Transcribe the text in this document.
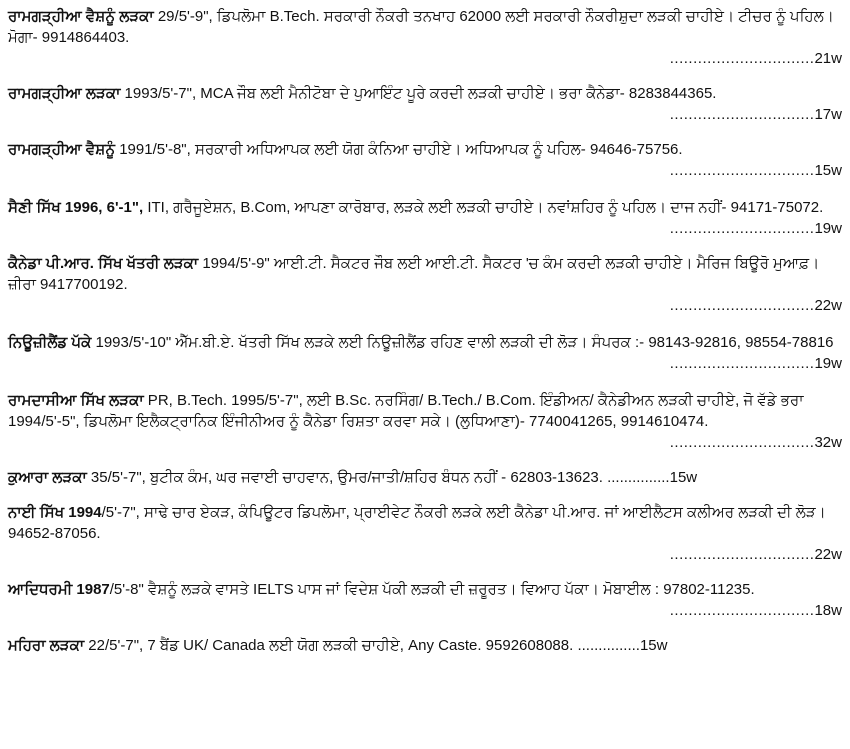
ਰਾਮਗੜ੍ਹੀਆ ਵੈਸ਼ਨੂੰ ਲੜਕਾ 29/5'-9", ਡਿਪਲੋਮਾ B.Tech. ਸਰਕਾਰੀ ਨੌਕਰੀ ਤਨਖਾਹ 62000 ਲਈ ਸਰਕਾਰੀ ਨੌਕਰੀਸ਼ੁਦਾ ਲੜਕੀ ਚਾਹੀਏ। ਟੀਚਰ ਨੂੰ ਪਹਿਲ। ਮੋਗਾ- 9914864403.

............................... 21w

ਰਾਮਗੜ੍ਹੀਆ ਲੜਕਾ 1993/5'-7", MCA ਜੌਬ ਲਈ ਮੈਨੀਟੋਬਾ ਦੇ ਪੁਆਇੰਟ ਪੂਰੇ ਕਰਦੀ ਲੜਕੀ ਚਾਹੀਏ। ਭਰਾ ਕੈਨੇਡਾ- 8283844365.

............................... 17w

ਰਾਮਗੜ੍ਹੀਆ ਵੈਸ਼ਨੂੰ 1991/5'-8", ਸਰਕਾਰੀ ਅਧਿਆਪਕ ਲਈ ਯੋਗ ਕੰਨਿਆ ਚਾਹੀਏ। ਅਧਿਆਪਕ ਨੂੰ ਪਹਿਲ- 94646-75756.

............................... 15w

ਸੈਣੀ ਸਿੱਖ 1996, 6'-1", ITI, ਗਰੈਜੂਏਸ਼ਨ, B.Com, ਆਪਣਾ ਕਾਰੋਬਾਰ, ਲੜਕੇ ਲਈ ਲੜਕੀ ਚਾਹੀਏ। ਨਵਾਂਸ਼ਹਿਰ ਨੂੰ ਪਹਿਲ। ਦਾਜ ਨਹੀਂ- 94171-75072.

............................... 19w

ਕੈਨੇਡਾ ਪੀ.ਆਰ. ਸਿੱਖ ਖੱਤਰੀ ਲੜਕਾ 1994/5'-9" ਆਈ.ਟੀ. ਸੈਕਟਰ ਜੌਬ ਲਈ ਆਈ.ਟੀ. ਸੈਕਟਰ 'ਚ ਕੰਮ ਕਰਦੀ ਲੜਕੀ ਚਾਹੀਏ। ਮੈਰਿਜ ਬਿਊਰੋ ਮੁਆਫ਼। ਜ਼ੀਰਾ 9417700192.

............................... 22w

ਨਿਊਜ਼ੀਲੈਂਡ ਪੱਕੇ 1993/5'-10" ਐੱਮ.ਬੀ.ਏ. ਖੱਤਰੀ ਸਿੱਖ ਲੜਕੇ ਲਈ ਨਿਊਜ਼ੀਲੈਂਡ ਰਹਿਣ ਵਾਲੀ ਲੜਕੀ ਦੀ ਲੋੜ। ਸੰਪਰਕ :- 98143-92816, 98554-78816

............................... 19w

ਰਾਮਦਾਸੀਆ ਸਿੱਖ ਲੜਕਾ PR, B.Tech. 1995/5'-7", ਲਈ B.Sc. ਨਰਸਿੰਗ/ B.Tech./ B.Com. ਇੰਡੀਅਨ/ ਕੈਨੇਡੀਅਨ ਲੜਕੀ ਚਾਹੀਏ, ਜੋ ਵੱਡੇ ਭਰਾ 1994/5'-5", ਡਿਪਲੋਮਾ ਇਲੈਕਟ੍ਰਾਨਿਕ ਇੰਜੀਨੀਅਰ ਨੂੰ ਕੈਨੇਡਾ ਰਿਸ਼ਤਾ ਕਰਵਾ ਸਕੇ। (ਲੁਧਿਆਣਾ)- 7740041265, 9914610474.

............................... 32w

ਕੁਆਰਾ ਲੜਕਾ 35/5'-7", ਬੁਟੀਕ ਕੰਮ, ਘਰ ਜਵਾਈ ਚਾਹਵਾਨ, ਉਮਰ/ਜਾਤੀ/ਸ਼ਹਿਰ ਬੰਧਨ ਨਹੀਂ - 62803-13623. ...............15w

ਨਾਈ ਸਿੱਖ 1994/5'-7", ਸਾਢੇ ਚਾਰ ਏਕੜ, ਕੰਪਿਊਟਰ ਡਿਪਲੋਮਾ, ਪ੍ਰਾਈਵੇਟ ਨੌਕਰੀ ਲੜਕੇ ਲਈ ਕੈਨੇਡਾ ਪੀ.ਆਰ. ਜਾਂ ਆਈਲੈਟਸ ਕਲੀਅਰ ਲੜਕੀ ਦੀ ਲੋੜ। 94652-87056.

............................... 22w

ਆਦਿਧਰਮੀ 1987/5'-8" ਵੈਸ਼ਨੂੰ ਲੜਕੇ ਵਾਸਤੇ IELTS ਪਾਸ ਜਾਂ ਵਿਦੇਸ਼ ਪੱਕੀ ਲੜਕੀ ਦੀ ਜ਼ਰੂਰਤ। ਵਿਆਹ ਪੱਕਾ। ਮੋਬਾਈਲ : 97802-11235.

............................... 18w

ਮਹਿਰਾ ਲੜਕਾ 22/5'-7", 7 ਬੈਂਡ UK/ Canada ਲਈ ਯੋਗ ਲੜਕੀ ਚਾਹੀਏ, Any Caste. 9592608088. ...............15w
